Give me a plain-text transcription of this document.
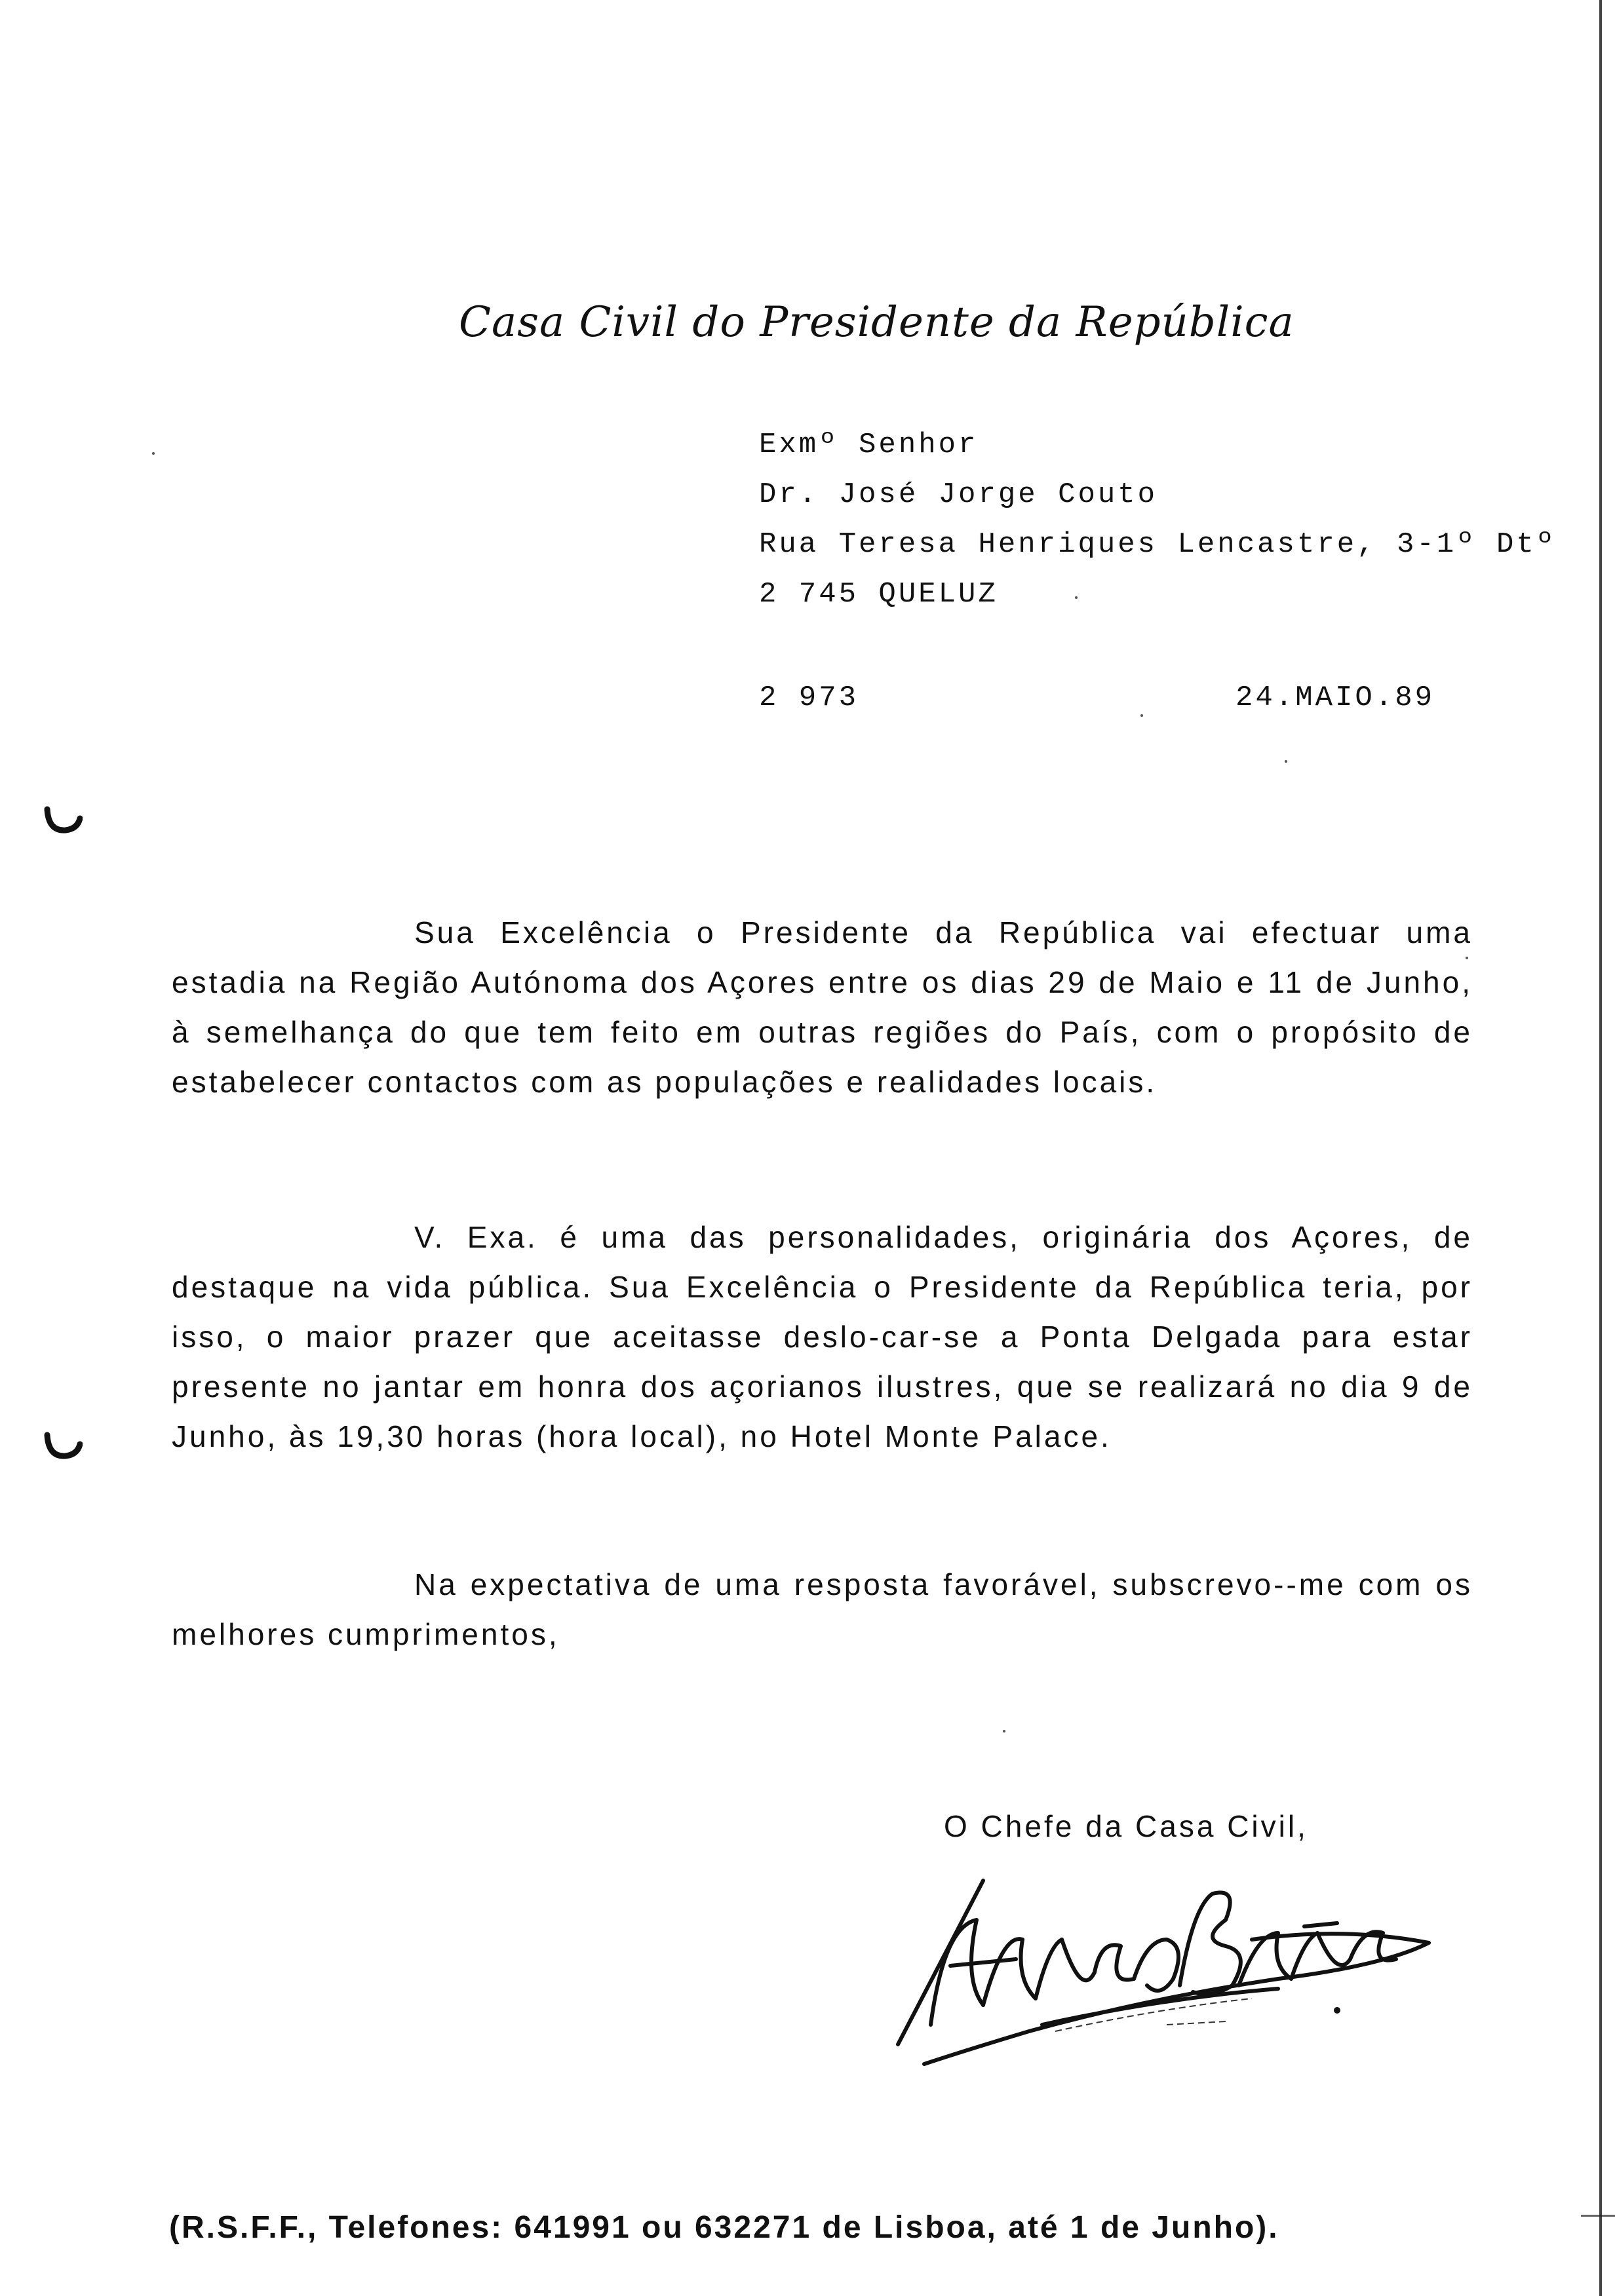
Casa Civil do Presidente da República
Exmº Senhor
Dr. José Jorge Couto
Rua Teresa Henriques Lencastre, 3-1º Dtº
2 745 QUELUZ
2 973	24.MAIO.89

Sua Excelência o Presidente da República vai efectuar uma estadia na Região Autónoma dos Açores entre os dias 29 de Maio e 11 de Junho, à semelhança do que tem feito em outras regiões do País, com o propósito de estabelecer contactos com as populações e realidades locais.

V. Exa. é uma das personalidades, originária dos Açores, de destaque na vida pública. Sua Excelência o Presidente da República teria, por isso, o maior prazer que aceitasse deslo-car-se a Ponta Delgada para estar presente no jantar em honra dos açorianos ilustres, que se realizará no dia 9 de Junho, às 19,30 horas (hora local), no Hotel Monte Palace.

Na expectativa de uma resposta favorável, subscrevo--me com os melhores cumprimentos,

O Chefe da Casa Civil,
(R.S.F.F., Telefones: 641991 ou 632271 de Lisboa, até 1 de Junho).
